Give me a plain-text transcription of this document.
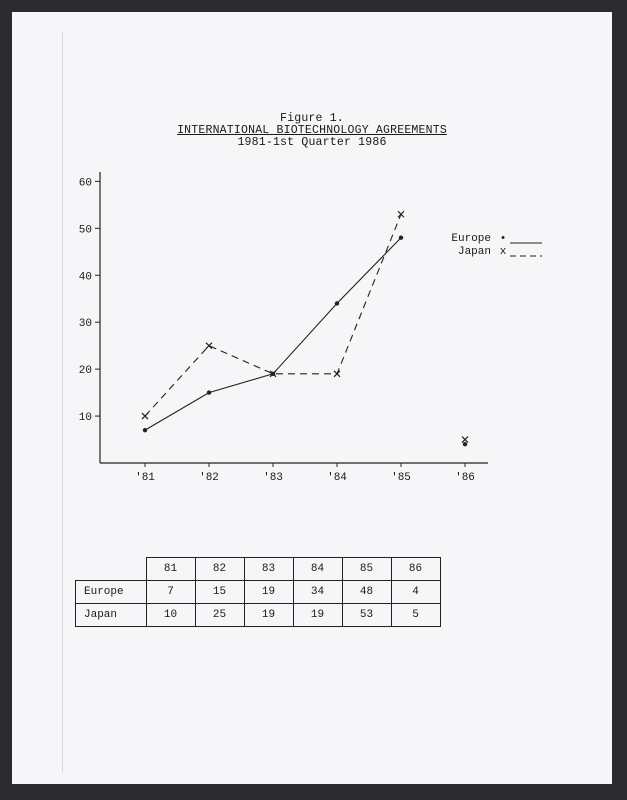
Figure 1.
INTERNATIONAL BIOTECHNOLOGY AGREEMENTS
1981-1st Quarter 1986
10
20
30
40
50
60
'81	'82	'83	'84	'85	'86
Europe •
Japan x
	81	82	83	84	85	86
Europe	7	15	19	34	48	4
Japan	10	25	19	19	53	5
